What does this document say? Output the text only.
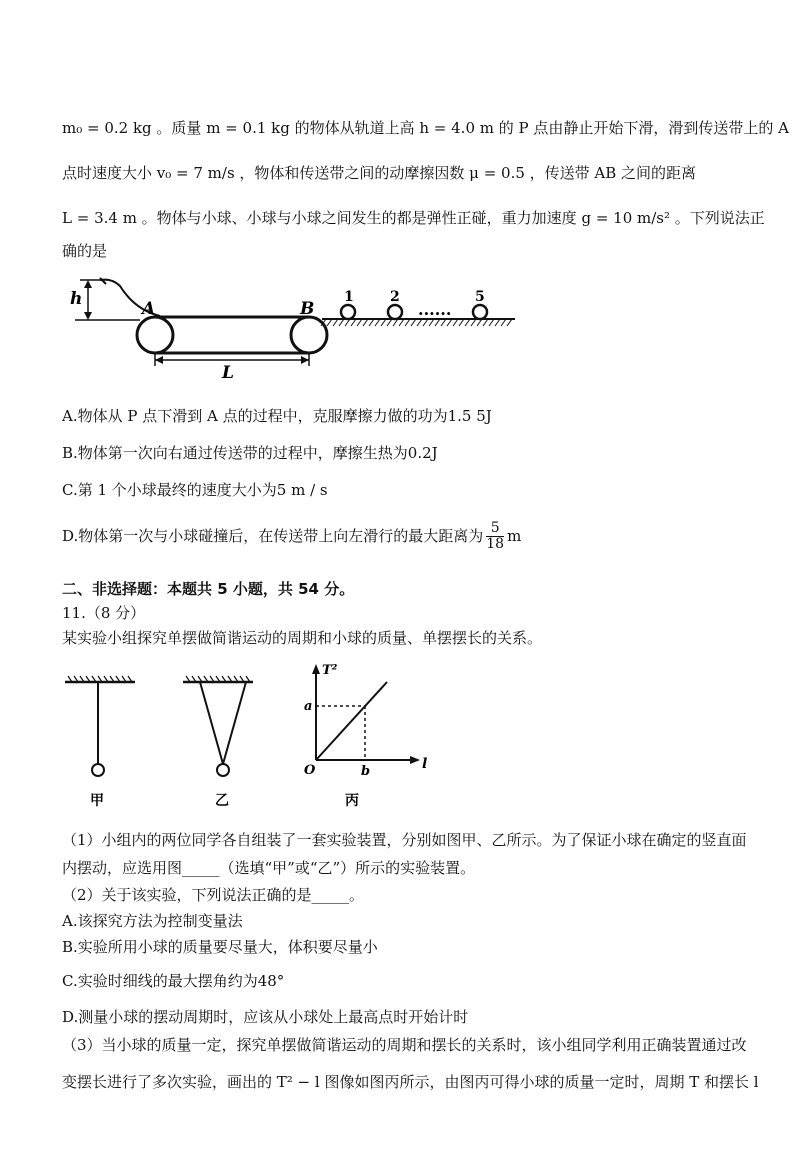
m₀ = 0.2 kg 。质量 m = 0.1 kg 的物体从轨道上高 h = 4.0 m 的 P 点由静止开始下滑，滑到传送带上的 A
点时速度大小 v₀ = 7 m/s ，物体和传送带之间的动摩擦因数 μ = 0.5 ，传送带 AB 之间的距离
L = 3.4 m 。物体与小球、小球与小球之间发生的都是弹性正碰，重力加速度 g = 10 m/s² 。下列说法正
确的是
h	A	B
L
1	2	5
......
A.物体从 P 点下滑到 A 点的过程中，克服摩擦力做的功为1.5 5J
B.物体第一次向右通过传送带的过程中，摩擦生热为0.2J
C.第 1 个小球最终的速度大小为5 m / s
D.物体第一次与小球碰撞后，在传送带上向左滑行的最大距离为 $\frac{5}{18}$ m
二、非选择题：本题共 5 小题，共 54 分。
11.（8 分）
某实验小组探究单摆做简谐运动的周期和小球的质量、单摆摆长的关系。
甲	乙
T²
l
O
a
b
丙
（1）小组内的两位同学各自组装了一套实验装置，分别如图甲、乙所示。为了保证小球在确定的竖直面
内摆动，应选用图_____（选填“甲”或“乙”）所示的实验装置。
（2）关于该实验，下列说法正确的是_____。
A.该探究方法为控制变量法
B.实验所用小球的质量要尽量大，体积要尽量小
C.实验时细线的最大摆角约为48°
D.测量小球的摆动周期时，应该从小球处上最高点时开始计时
（3）当小球的质量一定，探究单摆做简谐运动的周期和摆长的关系时，该小组同学利用正确装置通过改
变摆长进行了多次实验，画出的 T² − l 图像如图丙所示，由图丙可得小球的质量一定时，周期 T 和摆长 l
